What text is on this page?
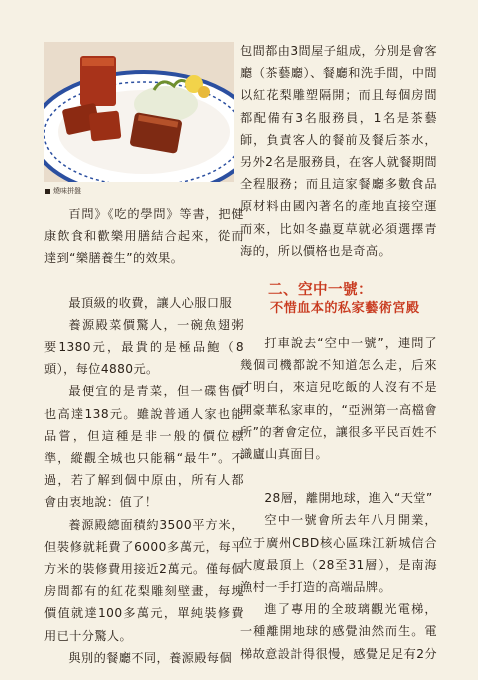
燒味拼盤

百問》《吃的學問》等書，把健康飲食和歡樂用膳結合起來，從而達到“樂膳養生”的效果。

最頂級的收費，讓人心服口服

養源殿菜價驚人，一碗魚翅粥要1380元，最貴的是極品鮑（8頭），每位4880元。

最便宜的是青菜，但一碟售價也高達138元。雖說普通人家也能品嘗，但這種是非一般的價位標準，縱觀全城也只能稱“最牛”。不過，若了解到個中原由，所有人都會由衷地說：值了！

養源殿總面積約3500平方米，但裝修就耗費了6000多萬元，每平方米的裝修費用接近2萬元。僅每個房間都有的紅花梨雕刻壁畫，每塊價值就達100多萬元，單純裝修費用已十分驚人。

與別的餐廳不同，養源殿每個

包間都由3間屋子組成，分別是會客廳（茶藝廳）、餐廳和洗手間，中間以紅花梨雕塑隔開；而且每個房間都配備有3名服務員，1名是茶藝師，負責客人的餐前及餐后茶水，另外2名是服務員，在客人就餐期間全程服務；而且這家餐廳多數食品原材料由國內著名的產地直接空運而來，比如冬蟲夏草就必須選擇青海的，所以價格也是奇高。

二、空中一號：

不惜血本的私家藝術宮殿

打車說去“空中一號”，連問了幾個司機都說不知道怎么走，后來才明白，來這兒吃飯的人沒有不是開豪華私家車的，“亞洲第一高檔會所”的奢會定位，讓很多平民百姓不識廬山真面目。

28層，離開地球，進入“天堂”

空中一號會所去年八月開業，位于廣州CBD核心區珠江新城信合大廈最頂上（28至31層），是南海漁村一手打造的高端品牌。

進了專用的全玻璃觀光電梯，一種離開地球的感覺油然而生。電梯故意設計得很慢，感覺足足有2分
